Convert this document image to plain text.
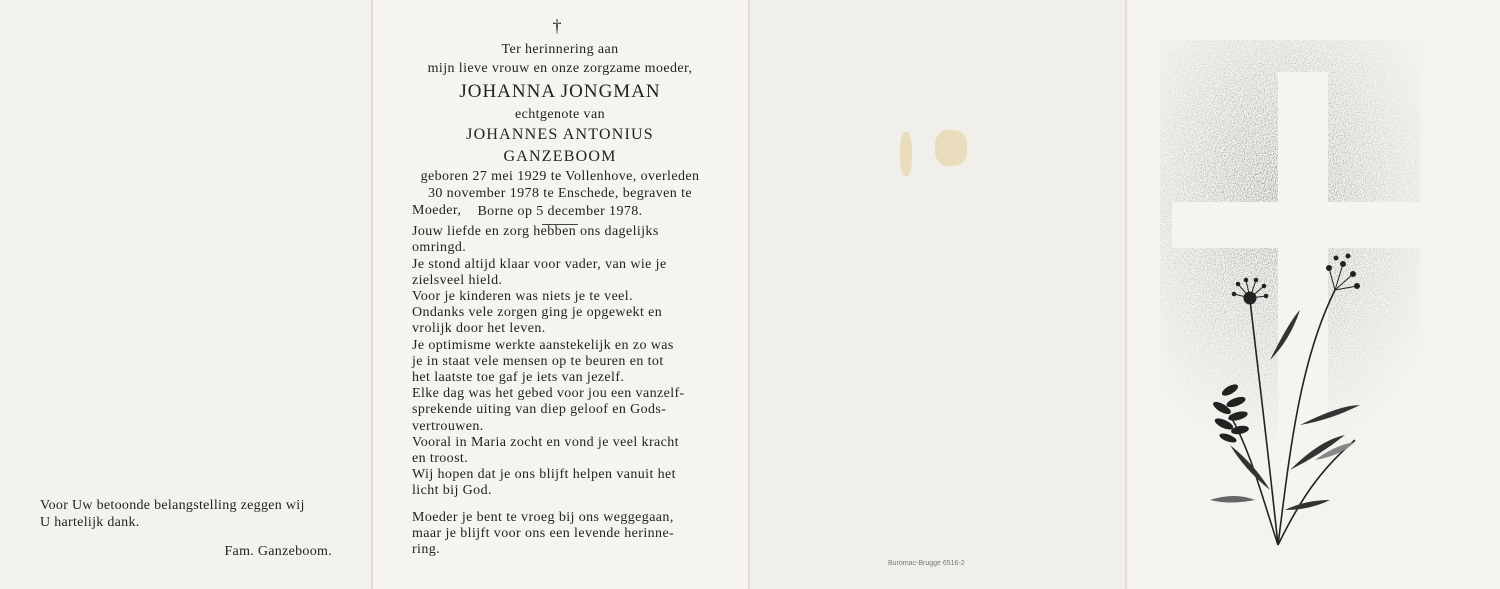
Voor Uw betoonde belangstelling zeggen wij
U hartelijk dank.
Fam. Ganzeboom.
†
Ter herinnering aan
mijn lieve vrouw en onze zorgzame moeder,
JOHANNA JONGMAN
echtgenote van
JOHANNES ANTONIUS GANZEBOOM
geboren 27 mei 1929 te Vollenhove, overleden
30 november 1978 te Enschede, begraven te
Borne op 5 december 1978.
Moeder,
Jouw liefde en zorg hebben ons dagelijks
omringd.
Je stond altijd klaar voor vader, van wie je
zielsveel hield.
Voor je kinderen was niets je te veel.
Ondanks vele zorgen ging je opgewekt en
vrolijk door het leven.
Je optimisme werkte aanstekelijk en zo was
je in staat vele mensen op te beuren en tot
het laatste toe gaf je iets van jezelf.
Elke dag was het gebed voor jou een vanzelf-
sprekende uiting van diep geloof en Gods-
vertrouwen.
Vooral in Maria zocht en vond je veel kracht
en troost.
Wij hopen dat je ons blijft helpen vanuit het
licht bij God.
Moeder je bent te vroeg bij ons weggegaan,
maar je blijft voor ons een levende herinne-
ring.
Buromac-Brugge 6516-2
